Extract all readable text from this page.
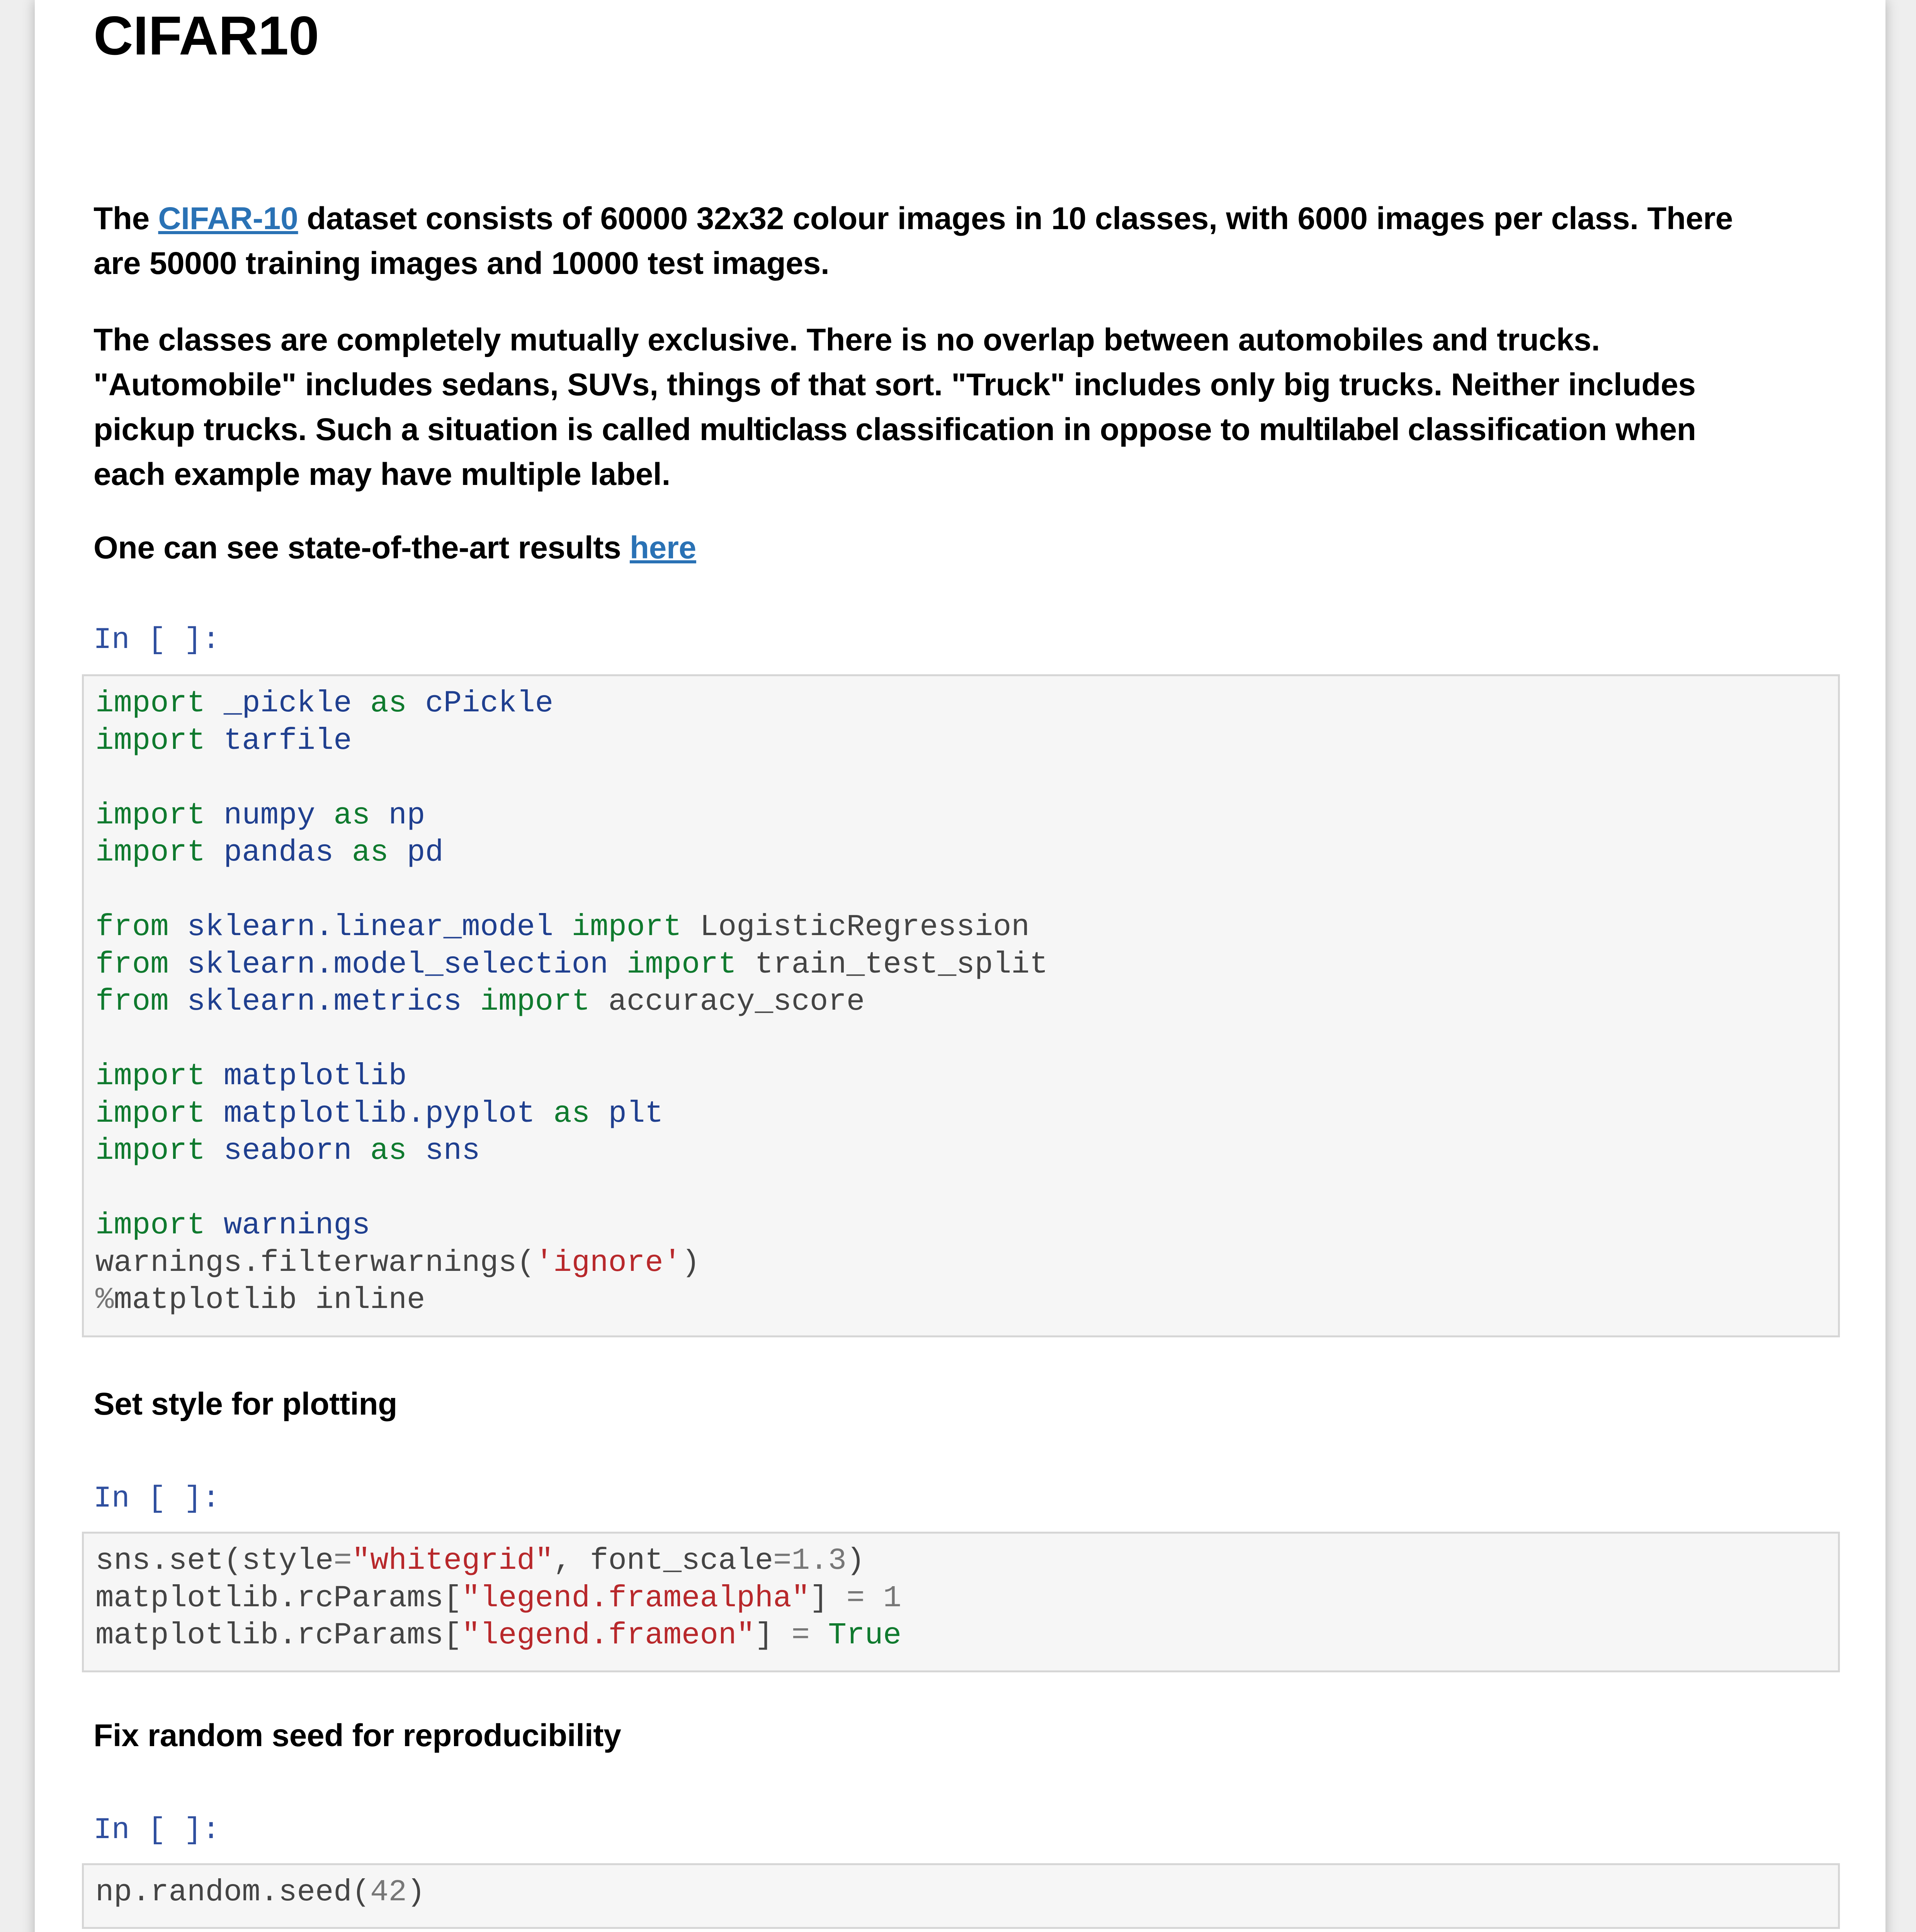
CIFAR10
The CIFAR-10 dataset consists of 60000 32x32 colour images in 10 classes, with 6000 images per class. There
are 50000 training images and 10000 test images.
The classes are completely mutually exclusive. There is no overlap between automobiles and trucks.
"Automobile" includes sedans, SUVs, things of that sort. "Truck" includes only big trucks. Neither includes
pickup trucks. Such a situation is called multiclass classification in oppose to multilabel classification when
each example may have multiple label.
One can see state-of-the-art results here
In [ ]:
import _pickle as cPickle
import tarfile

import numpy as np
import pandas as pd

from sklearn.linear_model import LogisticRegression
from sklearn.model_selection import train_test_split
from sklearn.metrics import accuracy_score

import matplotlib
import matplotlib.pyplot as plt
import seaborn as sns

import warnings
warnings.filterwarnings('ignore')
%matplotlib inline
Set style for plotting
In [ ]:
sns.set(style="whitegrid", font_scale=1.3)
matplotlib.rcParams["legend.framealpha"] = 1
matplotlib.rcParams["legend.frameon"] = True
Fix random seed for reproducibility
In [ ]:
np.random.seed(42)
